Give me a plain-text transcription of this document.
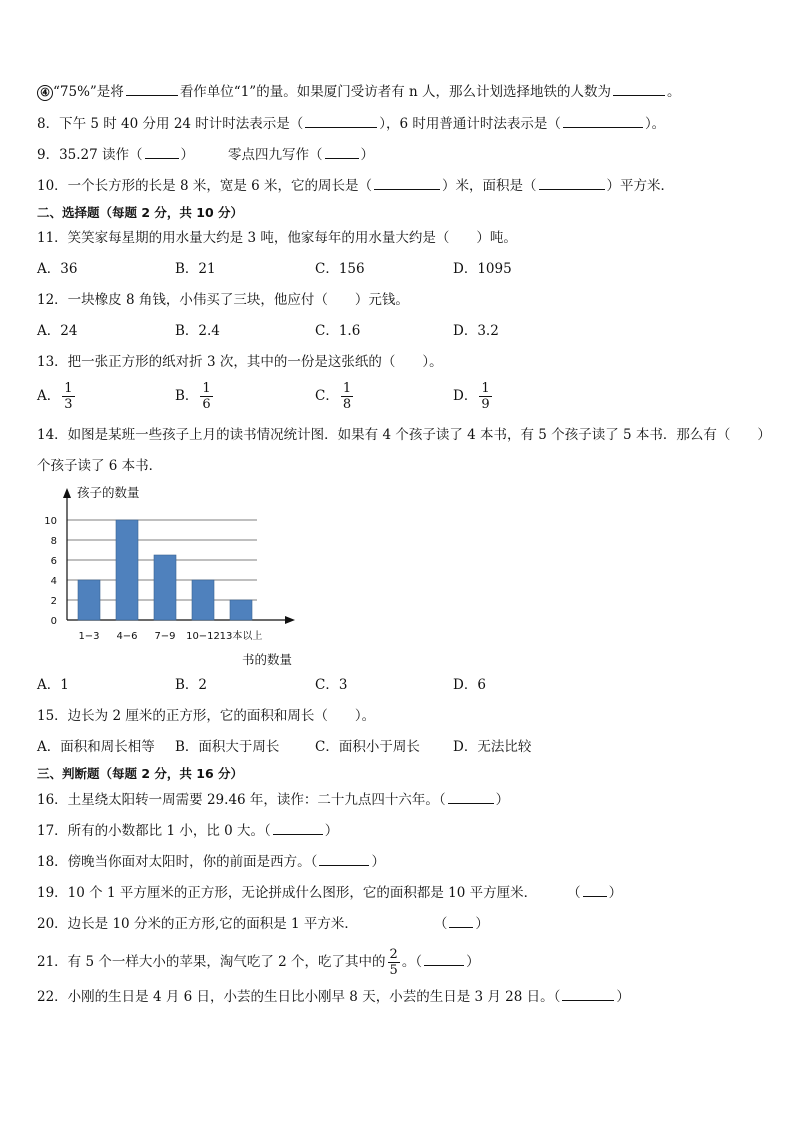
④ “75%”是将	看作单位“1”的量。如果厦门受访者有 n 人，那么计划选择地铁的人数为	。
8．下午 5 时 40 分用 24 时计时法表示是（	），6 时用普通计时法表示是（	）。
9．35.27 读作（	）	零点四九写作（	）
10．一个长方形的长是 8 米，宽是 6 米，它的周长是（	）米，面积是（	）平方米．
二、选择题（每题 2 分，共 10 分）
11．笑笑家每星期的用水量大约是 3 吨，他家每年的用水量大约是（　　）吨。
A．36	B．21	C．156	D．1095
12．一块橡皮 8 角钱，小伟买了三块，他应付（　　）元钱。
A．24	B．2.4	C．1.6	D．3.2
13．把一张正方形的纸对折 3 次，其中的一份是这张纸的（　　）。
A． $\frac{1}{3}$	B． $\frac{1}{6}$	C． $\frac{1}{8}$	D． $\frac{1}{9}$
14．如图是某班一些孩子上月的读书情况统计图．如果有 4 个孩子读了 4 本书，有 5 个孩子读了 5 本书．那么有（　　）
个孩子读了 6 本书．
0
2
4
6
8
10
1−3 4−6 7−9 10−12 13本以上
孩子的数量
书的数量
A．1	B．2	C．3	D．6
15．边长为 2 厘米的正方形，它的面积和周长（　　）。
A．面积和周长相等 B．面积大于周长	C．面积小于周长 D．无法比较
三、判断题（每题 2 分，共 16 分）
16．土星绕太阳转一周需要 29.46 年，读作：二十九点四十六年。（	）
17．所有的小数都比 1 小，比 0 大。（	）
18．傍晚当你面对太阳时，你的前面是西方。（	）
19．10 个 1 平方厘米的正方形，无论拼成什么图形，它的面积都是 10 平方厘米． （ ）
20．边长是 10 分米的正方形,它的面积是 1 平方米．	（ ）
21．有 5 个一样大小的苹果，淘气吃了 2 个，吃了其中的 $\frac{2}{5}$ 。（	）
22．小刚的生日是 4 月 6 日，小芸的生日比小刚早 8 天，小芸的生日是 3 月 28 日。（	）
